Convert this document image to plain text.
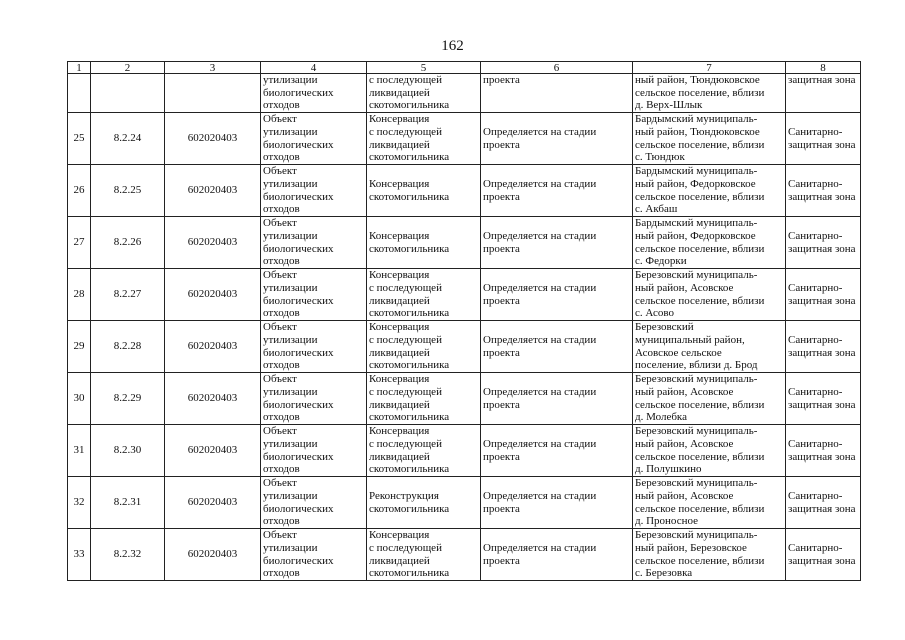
162
1	2	3	4	5	6	7	8

			утилизации
биологических
отходов	с последующей
ликвидацией
скотомогильника	проекта	ный район, Тюндюковское
сельское поселение, вблизи
д. Верх-Шлык	защитная зона

25	8.2.24	602020403	Объект
утилизации
биологических
отходов	Консервация
с последующей
ликвидацией
скотомогильника	Определяется на стадии
проекта	Бардымский муниципаль-
ный район, Тюндюковское
сельское поселение, вблизи
с. Тюндюк	Санитарно-
защитная зона

26	8.2.25	602020403	Объект
утилизации
биологических
отходов	Консервация
скотомогильника	Определяется на стадии
проекта	Бардымский муниципаль-
ный район, Федорковское
сельское поселение, вблизи
с. Акбаш	Санитарно-
защитная зона

27	8.2.26	602020403	Объект
утилизации
биологических
отходов	Консервация
скотомогильника	Определяется на стадии
проекта	Бардымский муниципаль-
ный район, Федорковское
сельское поселение, вблизи
с. Федорки	Санитарно-
защитная зона

28	8.2.27	602020403	Объект
утилизации
биологических
отходов	Консервация
с последующей
ликвидацией
скотомогильника	Определяется на стадии
проекта	Березовский муниципаль-
ный район, Асовское
сельское поселение, вблизи
с. Асово	Санитарно-
защитная зона

29	8.2.28	602020403	Объект
утилизации
биологических
отходов	Консервация
с последующей
ликвидацией
скотомогильника	Определяется на стадии
проекта	Березовский
муниципальный район,
Асовское сельское
поселение, вблизи д. Брод	Санитарно-
защитная зона

30	8.2.29	602020403	Объект
утилизации
биологических
отходов	Консервация
с последующей
ликвидацией
скотомогильника	Определяется на стадии
проекта	Березовский муниципаль-
ный район, Асовское
сельское поселение, вблизи
д. Молебка	Санитарно-
защитная зона

31	8.2.30	602020403	Объект
утилизации
биологических
отходов	Консервация
с последующей
ликвидацией
скотомогильника	Определяется на стадии
проекта	Березовский муниципаль-
ный район, Асовское
сельское поселение, вблизи
д. Полушкино	Санитарно-
защитная зона

32	8.2.31	602020403	Объект
утилизации
биологических
отходов	Реконструкция
скотомогильника	Определяется на стадии
проекта	Березовский муниципаль-
ный район, Асовское
сельское поселение, вблизи
д. Проносное	Санитарно-
защитная зона

33	8.2.32	602020403	Объект
утилизации
биологических
отходов	Консервация
с последующей
ликвидацией
скотомогильника	Определяется на стадии
проекта	Березовский муниципаль-
ный район, Березовское
сельское поселение, вблизи
с. Березовка	Санитарно-
защитная зона
